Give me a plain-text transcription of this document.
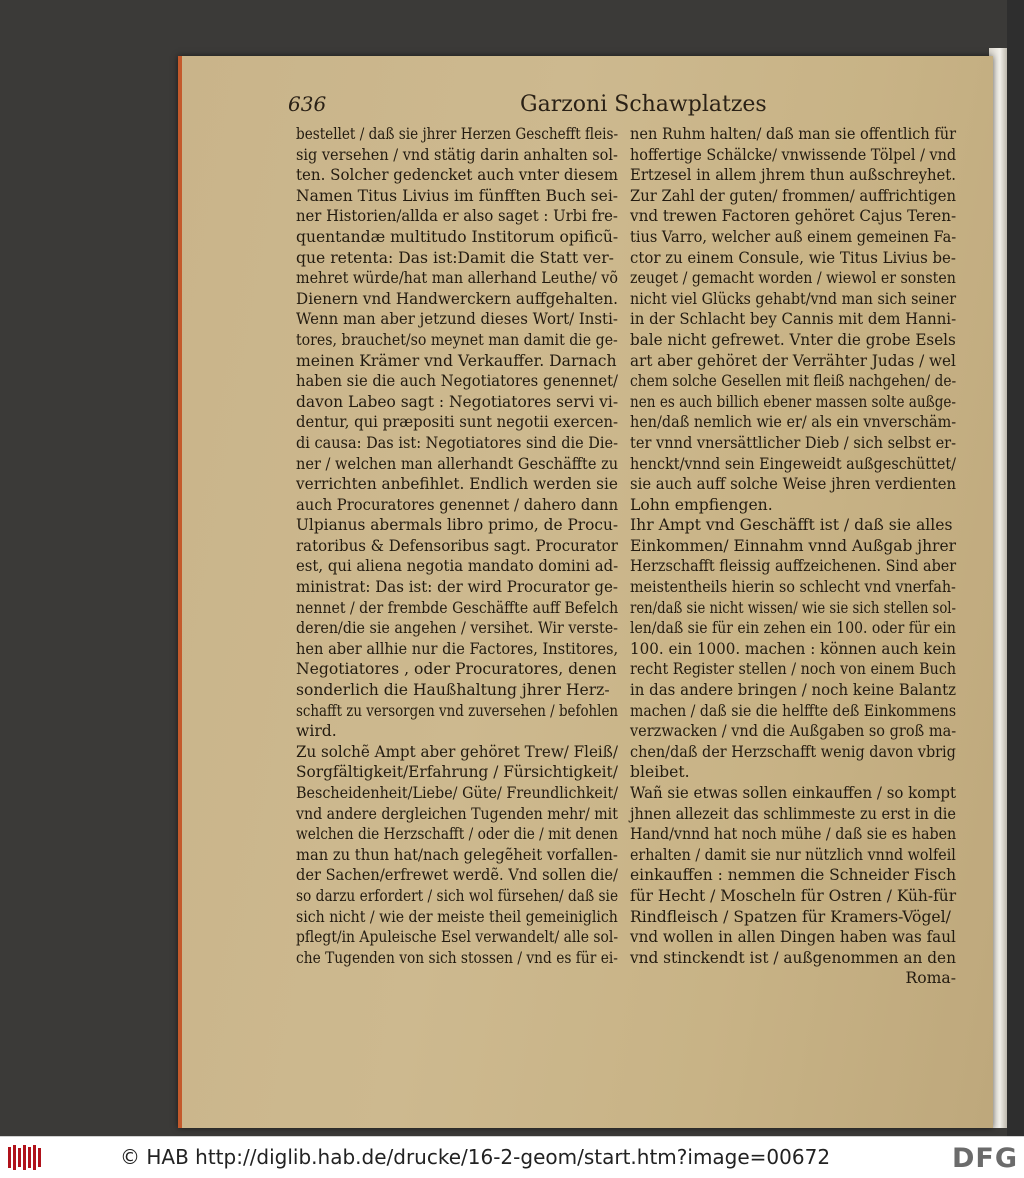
636	Garzoni Schawplatzes
bestellet / daß sie jhrer Herzen Geschefft fleis-
sig versehen / vnd stätig darin anhalten sol-
ten. Solcher gedencket auch vnter diesem
Namen Titus Livius im fünfften Buch sei-
ner Historien/allda er also saget : Urbi fre-
quentandæ multitudo Institorum opificũ-
que retenta: Das ist:Damit die Statt ver-
mehret würde/hat man allerhand Leuthe/ võ
Dienern vnd Handwerckern auffgehalten.
Wenn man aber jetzund dieses Wort/ Insti-
tores, brauchet/so meynet man damit die ge-
meinen Krämer vnd Verkauffer. Darnach
haben sie die auch Negotiatores genennet/
davon Labeo sagt : Negotiatores servi vi-
dentur, qui præpositi sunt negotii exercen-
di causa: Das ist: Negotiatores sind die Die-
ner / welchen man allerhandt Geschäffte zu
verrichten anbefihlet. Endlich werden sie
auch Procuratores genennet / dahero dann
Ulpianus abermals libro primo, de Procu-
ratoribus & Defensoribus sagt. Procurator
est, qui aliena negotia mandato domini ad-
ministrat: Das ist: der wird Procurator ge-
nennet / der frembde Geschäffte auff Befelch
deren/die sie angehen / versihet. Wir verste-
hen aber allhie nur die Factores, Institores,
Negotiatores , oder Procuratores, denen
sonderlich die Haußhaltung jhrer Herz-
schafft zu versorgen vnd zuversehen / befohlen
wird.
Zu solchẽ Ampt aber gehöret Trew/ Fleiß/
Sorgfältigkeit/Erfahrung / Fürsichtigkeit/
Bescheidenheit/Liebe/ Güte/ Freundlichkeit/
vnd andere dergleichen Tugenden mehr/ mit
welchen die Herzschafft / oder die / mit denen
man zu thun hat/nach gelegẽheit vorfallen-
der Sachen/erfrewet werdẽ. Vnd sollen die/
so darzu erfordert / sich wol fürsehen/ daß sie
sich nicht / wie der meiste theil gemeiniglich
pflegt/in Apuleische Esel verwandelt/ alle sol-
che Tugenden von sich stossen / vnd es für ei-
nen Ruhm halten/ daß man sie offentlich für
hoffertige Schälcke/ vnwissende Tölpel / vnd
Ertzesel in allem jhrem thun außschreyhet.
Zur Zahl der guten/ frommen/ auffrichtigen
vnd trewen Factoren gehöret Cajus Teren-
tius Varro, welcher auß einem gemeinen Fa-
ctor zu einem Consule, wie Titus Livius be-
zeuget / gemacht worden / wiewol er sonsten
nicht viel Glücks gehabt/vnd man sich seiner
in der Schlacht bey Cannis mit dem Hanni-
bale nicht gefrewet. Vnter die grobe Esels
art aber gehöret der Verrähter Judas / wel
chem solche Gesellen mit fleiß nachgehen/ de-
nen es auch billich ebener massen solte außge-
hen/daß nemlich wie er/ als ein vnverschäm-
ter vnnd vnersättlicher Dieb / sich selbst er-
henckt/vnnd sein Eingeweidt außgeschüttet/
sie auch auff solche Weise jhren verdienten
Lohn empfiengen.
Ihr Ampt vnd Geschäfft ist / daß sie alles
Einkommen/ Einnahm vnnd Außgab jhrer
Herzschafft fleissig auffzeichenen. Sind aber
meistentheils hierin so schlecht vnd vnerfah-
ren/daß sie nicht wissen/ wie sie sich stellen sol-
len/daß sie für ein zehen ein 100. oder für ein
100. ein 1000. machen : können auch kein
recht Register stellen / noch von einem Buch
in das andere bringen / noch keine Balantz
machen / daß sie die helffte deß Einkommens
verzwacken / vnd die Außgaben so groß ma-
chen/daß der Herzschafft wenig davon vbrig
bleibet.
Wañ sie etwas sollen einkauffen / so kompt
jhnen allezeit das schlimmeste zu erst in die
Hand/vnnd hat noch mühe / daß sie es haben
erhalten / damit sie nur nützlich vnnd wolfeil
einkauffen : nemmen die Schneider Fisch
für Hecht / Moscheln für Ostren / Küh-für
Rindfleisch / Spatzen für Kramers-Vögel/
vnd wollen in allen Dingen haben was faul
vnd stinckendt ist / außgenommen an den
Roma-
© HAB http://diglib.hab.de/drucke/16-2-geom/start.htm?image=00672	DFG
